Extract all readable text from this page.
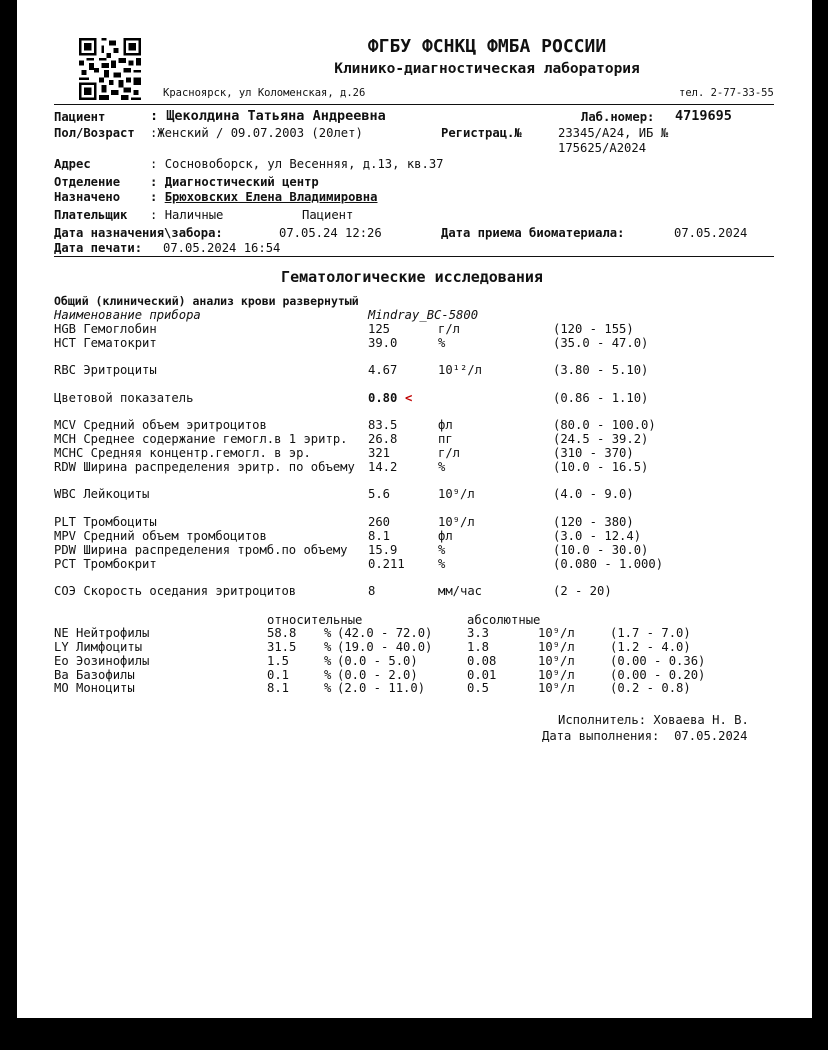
ФГБУ ФСНКЦ ФМБА РОССИИ
Клинико-диагностическая лаборатория
Красноярск, ул Коломенская, д.26	тел. 2-77-33-55
Пациент	: Щеколдина Татьяна Андреевна	Лаб.номер: 4719695
Пол/Возраст :Женский / 09.07.2003 (20лет)	Регистрац.№	23345/А24, ИБ №
175625/А2024
Адрес	: Сосновоборск, ул Весенняя, д.13, кв.37
Отделение : Диагностический центр
Назначено : Брюховских Елена Владимировна
Плательщик : Наличные	Пациент
Дата назначения\забора:	07.05.24 12:26	Дата приема биоматериала:	07.05.2024
Дата печати: 07.05.2024 16:54
Гематологические исследования
Общий (клинический) анализ крови развернутый
Наименование прибора	Mindray_BC-5800
HGB Гемоглобин	125	г/л	(120 - 155)
HCT Гематокрит	39.0	%	(35.0 - 47.0)
RBC Эритроциты	4.67	10¹²/л	(3.80 - 5.10)
Цветовой показатель	0.80 <	(0.86 - 1.10)
MCV Средний объем эритроцитов	83.5	фл	(80.0 - 100.0)
MCH Среднее содержание гемогл.в 1 эритр. 26.8	пг	(24.5 - 39.2)
MCHC Средняя концентр.гемогл. в эр.	321	г/л	(310 - 370)
RDW Ширина распределения эритр. по объему 14.2	%	(10.0 - 16.5)
WBC Лейкоциты	5.6	10⁹/л	(4.0 - 9.0)
PLT Тромбоциты	260	10⁹/л	(120 - 380)
MPV Средний объем тромбоцитов	8.1	фл	(3.0 - 12.4)
PDW Ширина распределения тромб.по объему 15.9	%	(10.0 - 30.0)
PCT Тромбокрит	0.211	%	(0.080 - 1.000)
СОЭ Скорость оседания эритроцитов	8	мм/час	(2 - 20)
относительные	абсолютные
NE Нейтрофилы	58.8 % (42.0 - 72.0)	3.3	10⁹/л	(1.7 - 7.0)
LY Лимфоциты	31.5 % (19.0 - 40.0)	1.8	10⁹/л	(1.2 - 4.0)
Eo Эозинофилы	1.5	% (0.0 - 5.0)	0.08	10⁹/л	(0.00 - 0.36)
Ba Базофилы	0.1	% (0.0 - 2.0)	0.01	10⁹/л	(0.00 - 0.20)
MO Моноциты	8.1	% (2.0 - 11.0)	0.5	10⁹/л	(0.2 - 0.8)
Исполнитель: Ховаева Н. В.
Дата выполнения: 07.05.2024
